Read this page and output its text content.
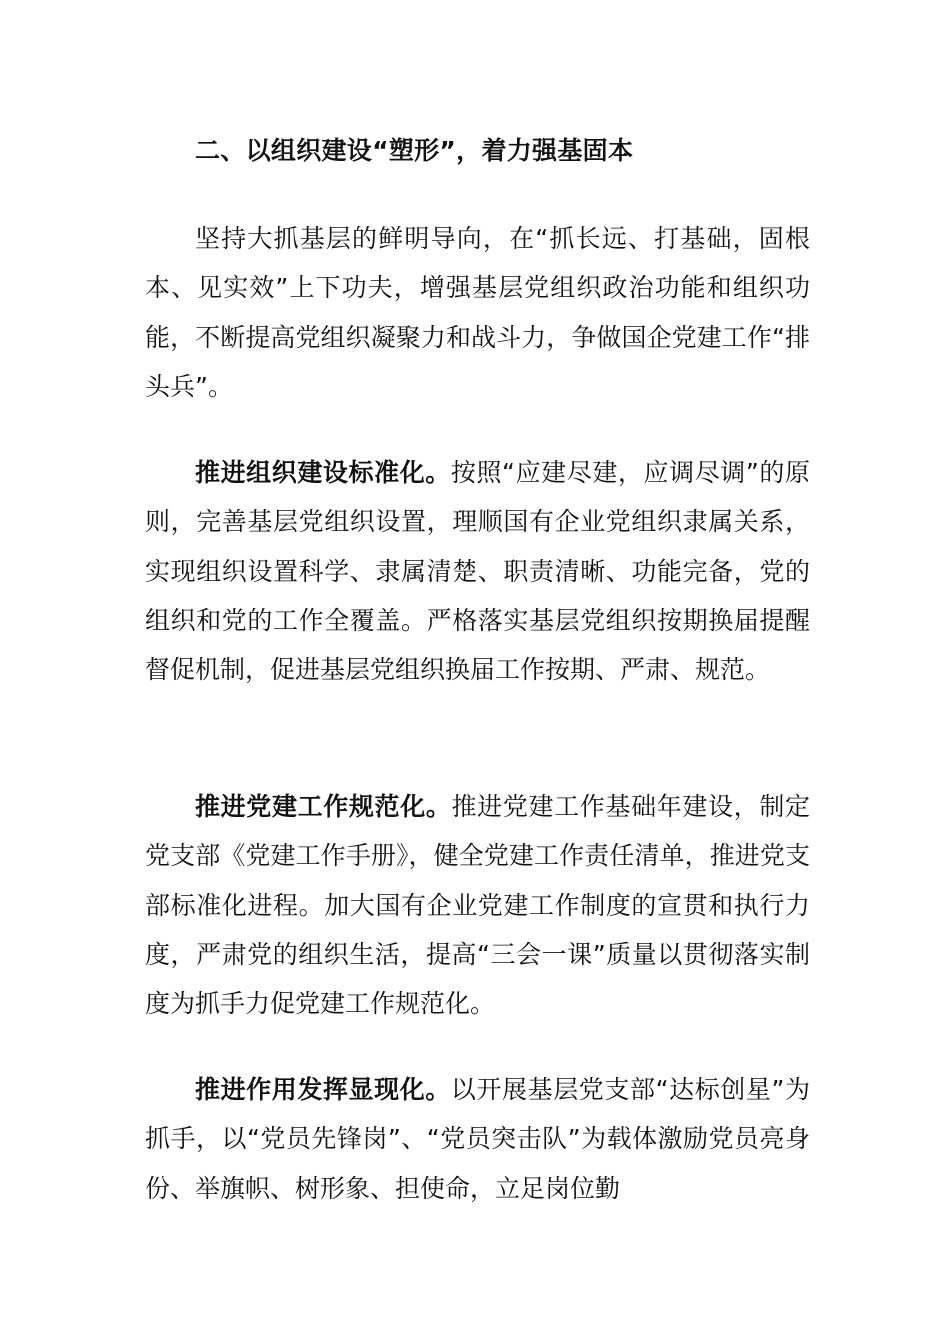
二、以组织建设“塑形”，着力强基固本

坚持大抓基层的鲜明导向，在“抓长远、打基础，固根本、见实效”上下功夫，增强基层党组织政治功能和组织功能，不断提高党组织凝聚力和战斗力，争做国企党建工作“排头兵”。

推进组织建设标准化。按照“应建尽建，应调尽调”的原则，完善基层党组织设置，理顺国有企业党组织隶属关系，实现组织设置科学、隶属清楚、职责清晰、功能完备，党的组织和党的工作全覆盖。严格落实基层党组织按期换届提醒督促机制，促进基层党组织换届工作按期、严肃、规范。

推进党建工作规范化。推进党建工作基础年建设，制定党支部《党建工作手册》，健全党建工作责任清单，推进党支部标准化进程。加大国有企业党建工作制度的宣贯和执行力度，严肃党的组织生活，提高“三会一课”质量以贯彻落实制度为抓手力促党建工作规范化。

推进作用发挥显现化。以开展基层党支部“达标创星”为抓手，以“党员先锋岗”、“党员突击队”为载体激励党员亮身份、举旗帜、树形象、担使命，立足岗位勤
